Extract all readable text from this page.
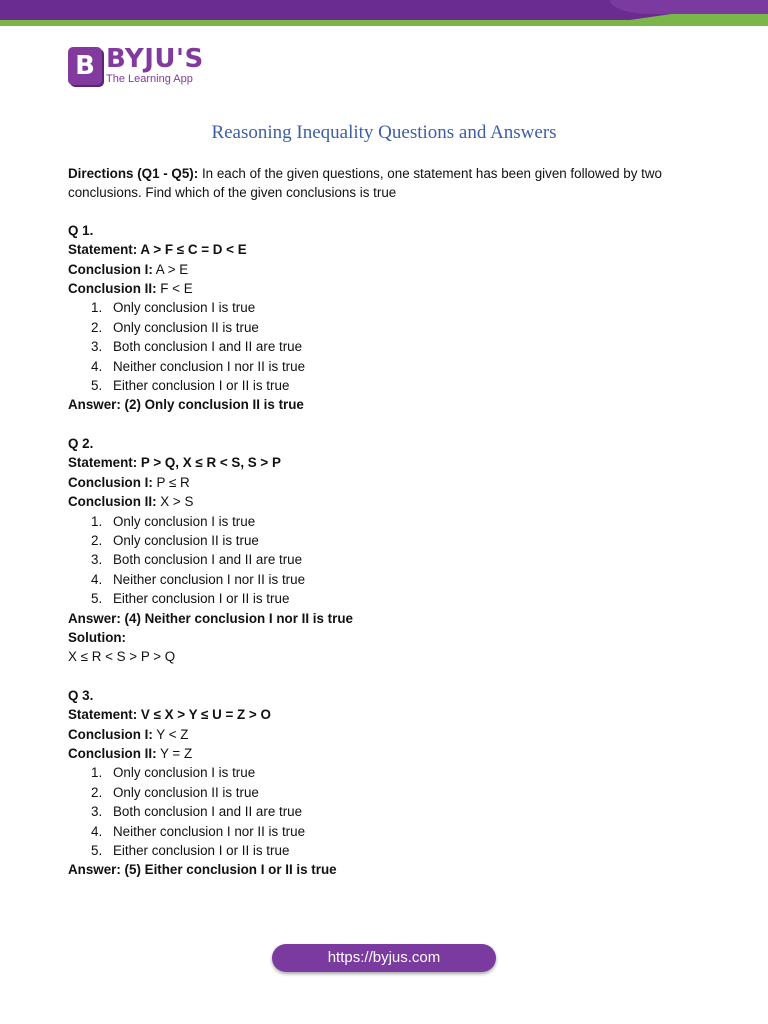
B BYJU'S
The Learning App
Reasoning Inequality Questions and Answers

Directions (Q1 - Q5): In each of the given questions, one statement has been given followed by two conclusions. Find which of the given conclusions is true

Q 1.

Statement: A > F ≤ C = D < E

Conclusion I: A > E

Conclusion II: F < E

1. Only conclusion I is true
2. Only conclusion II is true
3. Both conclusion I and II are true
4. Neither conclusion I nor II is true
5. Either conclusion I or II is true

Answer: (2) Only conclusion II is true

Q 2.

Statement: P > Q, X ≤ R < S, S > P

Conclusion I: P ≤ R

Conclusion II: X > S

1. Only conclusion I is true
2. Only conclusion II is true
3. Both conclusion I and II are true
4. Neither conclusion I nor II is true
5. Either conclusion I or II is true

Answer: (4) Neither conclusion I nor II is true

Solution:

X ≤ R < S > P > Q

Q 3.

Statement: V ≤ X > Y ≤ U = Z > O

Conclusion I: Y < Z

Conclusion II: Y = Z

1. Only conclusion I is true
2. Only conclusion II is true
3. Both conclusion I and II are true
4. Neither conclusion I nor II is true
5. Either conclusion I or II is true

Answer: (5) Either conclusion I or II is true

https://byjus.com
